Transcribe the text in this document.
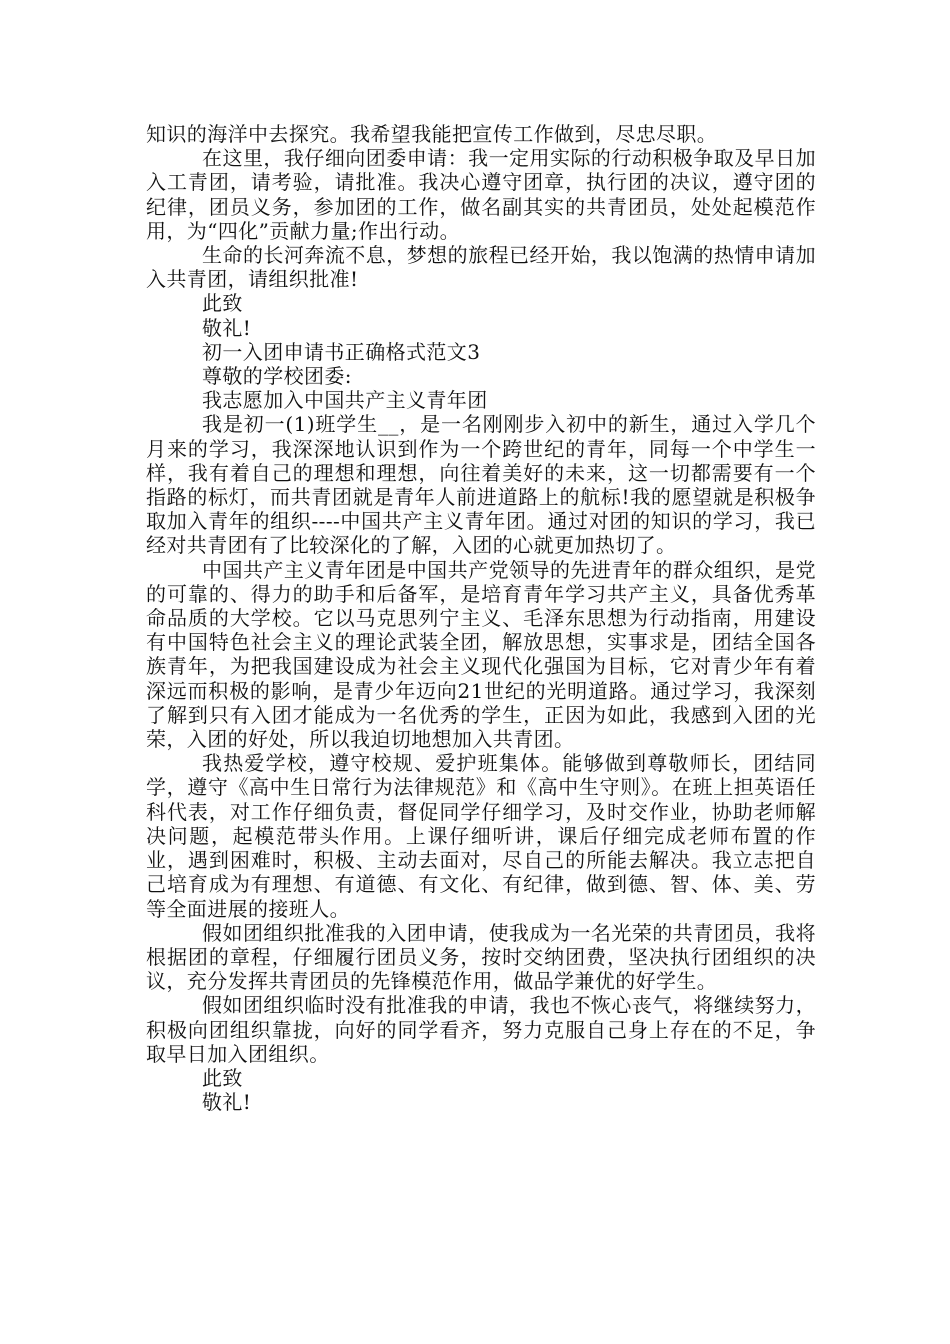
知识的海洋中去探究。我希望我能把宣传工作做到，尽忠尽职。

在这里，我仔细向团委申请：我一定用实际的行动积极争取及早日加入工青团，请考验，请批准。我决心遵守团章，执行团的决议，遵守团的纪律，团员义务，参加团的工作，做名副其实的共青团员，处处起模范作用，为“四化”贡献力量;作出行动。

生命的长河奔流不息，梦想的旅程已经开始，我以饱满的热情申请加入共青团，请组织批准!

此致

敬礼!

初一入团申请书正确格式范文3

尊敬的学校团委:

我志愿加入中国共产主义青年团

我是初一(1)班学生__，是一名刚刚步入初中的新生，通过入学几个月来的学习，我深深地认识到作为一个跨世纪的青年，同每一个中学生一样，我有着自己的理想和理想，向往着美好的未来，这一切都需要有一个指路的标灯，而共青团就是青年人前进道路上的航标!我的愿望就是积极争取加入青年的组织----中国共产主义青年团。通过对团的知识的学习，我已经对共青团有了比较深化的了解，入团的心就更加热切了。

中国共产主义青年团是中国共产党领导的先进青年的群众组织，是党的可靠的、得力的助手和后备军，是培育青年学习共产主义，具备优秀革命品质的大学校。它以马克思列宁主义、毛泽东思想为行动指南，用建设有中国特色社会主义的理论武装全团，解放思想，实事求是，团结全国各族青年，为把我国建设成为社会主义现代化强国为目标，它对青少年有着深远而积极的影响，是青少年迈向21世纪的光明道路。通过学习，我深刻了解到只有入团才能成为一名优秀的学生，正因为如此，我感到入团的光荣，入团的好处，所以我迫切地想加入共青团。

我热爱学校，遵守校规、爱护班集体。能够做到尊敬师长，团结同学，遵守《高中生日常行为法律规范》和《高中生守则》。在班上担英语任科代表，对工作仔细负责，督促同学仔细学习，及时交作业，协助老师解决问题，起模范带头作用。上课仔细听讲，课后仔细完成老师布置的作业，遇到困难时，积极、主动去面对，尽自己的所能去解决。我立志把自己培育成为有理想、有道德、有文化、有纪律，做到德、智、体、美、劳等全面进展的接班人。

假如团组织批准我的入团申请，使我成为一名光荣的共青团员，我将根据团的章程，仔细履行团员义务，按时交纳团费，坚决执行团组织的决议，充分发挥共青团员的先锋模范作用，做品学兼优的好学生。

假如团组织临时没有批准我的申请，我也不恢心丧气，将继续努力，积极向团组织靠拢，向好的同学看齐，努力克服自己身上存在的不足，争取早日加入团组织。

此致

敬礼!
